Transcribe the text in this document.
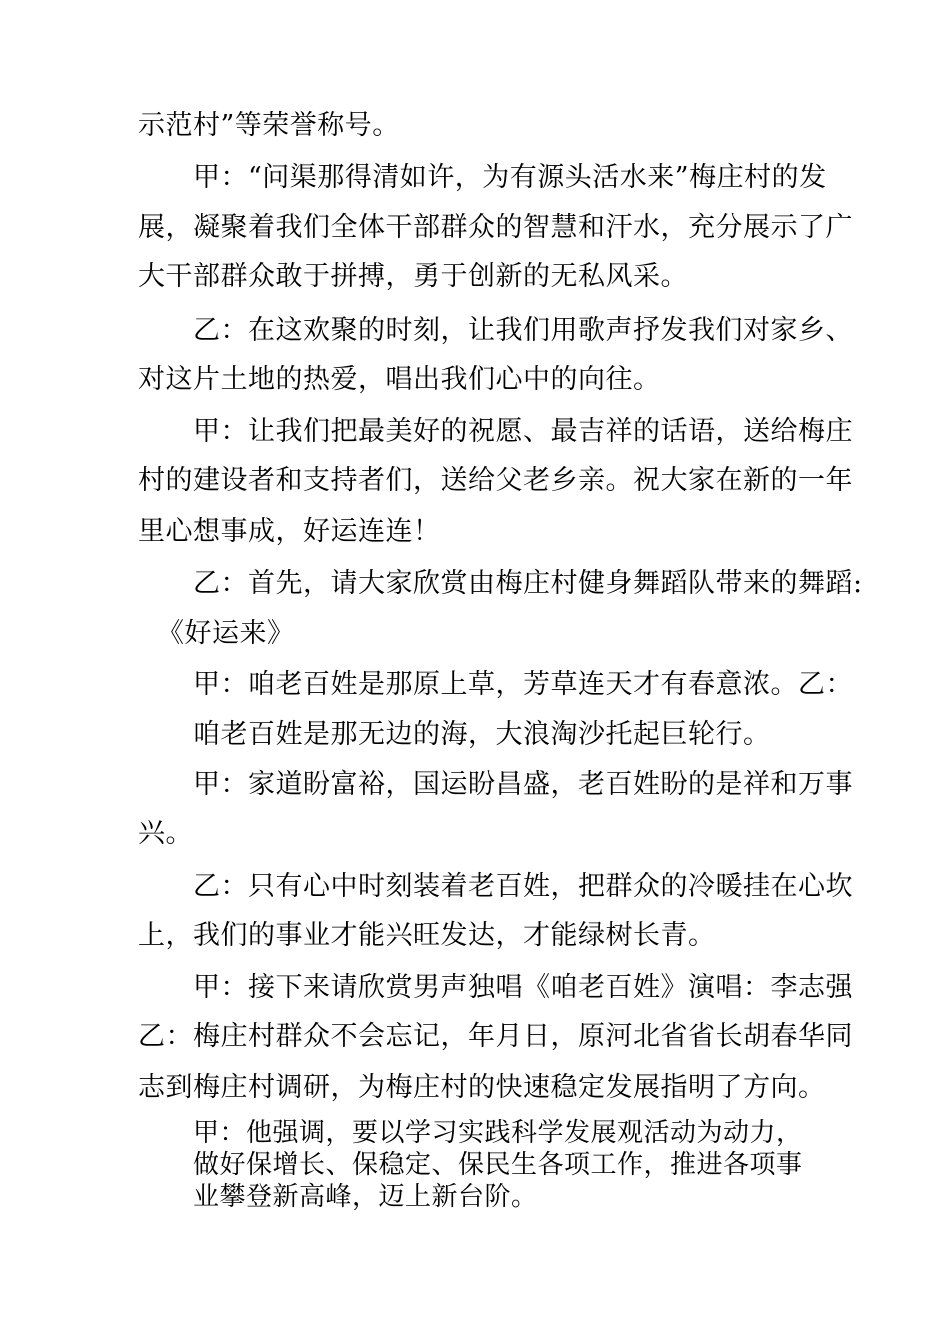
示范村”等荣誉称号。
甲：“问渠那得清如许，为有源头活水来”梅庄村的发
展，凝聚着我们全体干部群众的智慧和汗水，充分展示了广
大干部群众敢于拼搏，勇于创新的无私风采。
乙：在这欢聚的时刻，让我们用歌声抒发我们对家乡、
对这片土地的热爱，唱出我们心中的向往。
甲：让我们把最美好的祝愿、最吉祥的话语，送给梅庄
村的建设者和支持者们，送给父老乡亲。祝大家在新的一年
里心想事成，好运连连！
乙：首先，请大家欣赏由梅庄村健身舞蹈队带来的舞蹈:
《好运来》
甲：咱老百姓是那原上草，芳草连天才有春意浓。乙：
咱老百姓是那无边的海，大浪淘沙托起巨轮行。
甲：家道盼富裕，国运盼昌盛，老百姓盼的是祥和万事
兴。
乙：只有心中时刻装着老百姓，把群众的冷暖挂在心坎
上，我们的事业才能兴旺发达，才能绿树长青。
甲：接下来请欣赏男声独唱《咱老百姓》演唱：李志强
乙：梅庄村群众不会忘记，年月日，原河北省省长胡春华同
志到梅庄村调研，为梅庄村的快速稳定发展指明了方向。
甲：他强调，要以学习实践科学发展观活动为动力，做好保增长、保稳定、保民生各项工作，推进各项事业攀登新高峰，迈上新台阶。
